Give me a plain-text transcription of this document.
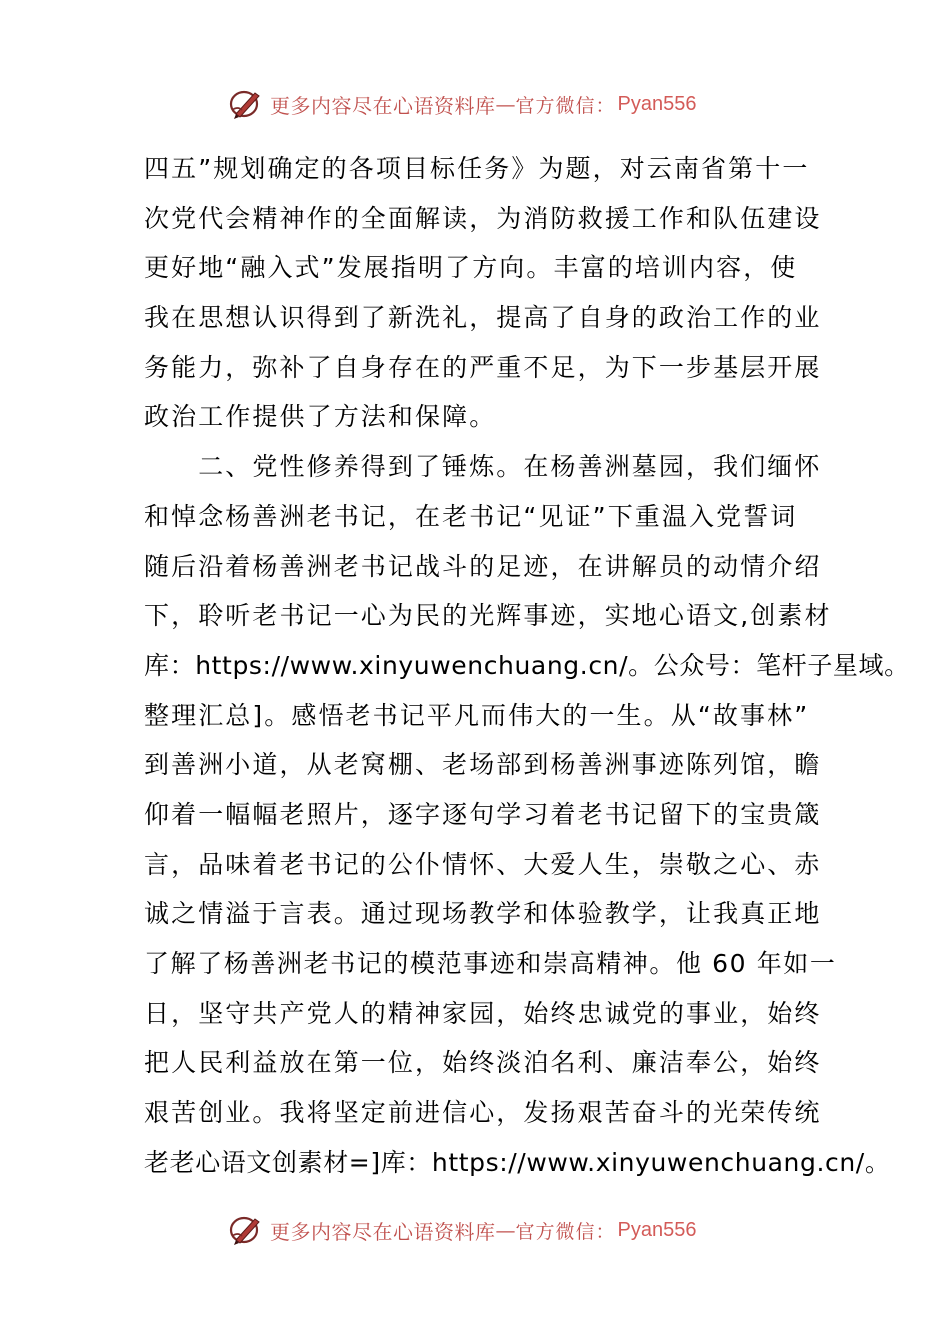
更多内容尽在心语资料库 — 官方微信： Pyan556
四五”规划确定的各项目标任务》为题，对云南省第十一
次党代会精神作的全面解读，为消防救援工作和队伍建设
更好地“融入式”发展指明了方向。丰富的培训内容，使
我在思想认识得到了新洗礼，提高了自身的政治工作的业
务能力，弥补了自身存在的严重不足，为下一步基层开展
政治工作提供了方法和保障。
　　二、党性修养得到了锤炼。在杨善洲墓园，我们缅怀
和悼念杨善洲老书记，在老书记“见证”下重温入党誓词
随后沿着杨善洲老书记战斗的足迹，在讲解员的动情介绍
下，聆听老书记一心为民的光辉事迹，实地心语文,创素材
库：https://www.xinyuwenchuang.cn/。公众号：笔杆子星域。
整理汇总]。感悟老书记平凡而伟大的一生。从“故事林”
到善洲小道，从老窝棚、老场部到杨善洲事迹陈列馆，瞻
仰着一幅幅老照片，逐字逐句学习着老书记留下的宝贵箴
言，品味着老书记的公仆情怀、大爱人生，崇敬之心、赤
诚之情溢于言表。通过现场教学和体验教学，让我真正地
了解了杨善洲老书记的模范事迹和崇高精神。他 60 年如一
日，坚守共产党人的精神家园，始终忠诚党的事业，始终
把人民利益放在第一位，始终淡泊名利、廉洁奉公，始终
艰苦创业。我将坚定前进信心，发扬艰苦奋斗的光荣传统
老老心语文创素材=]库：https://www.xinyuwenchuang.cn/。
更多内容尽在心语资料库 — 官方微信： Pyan556
